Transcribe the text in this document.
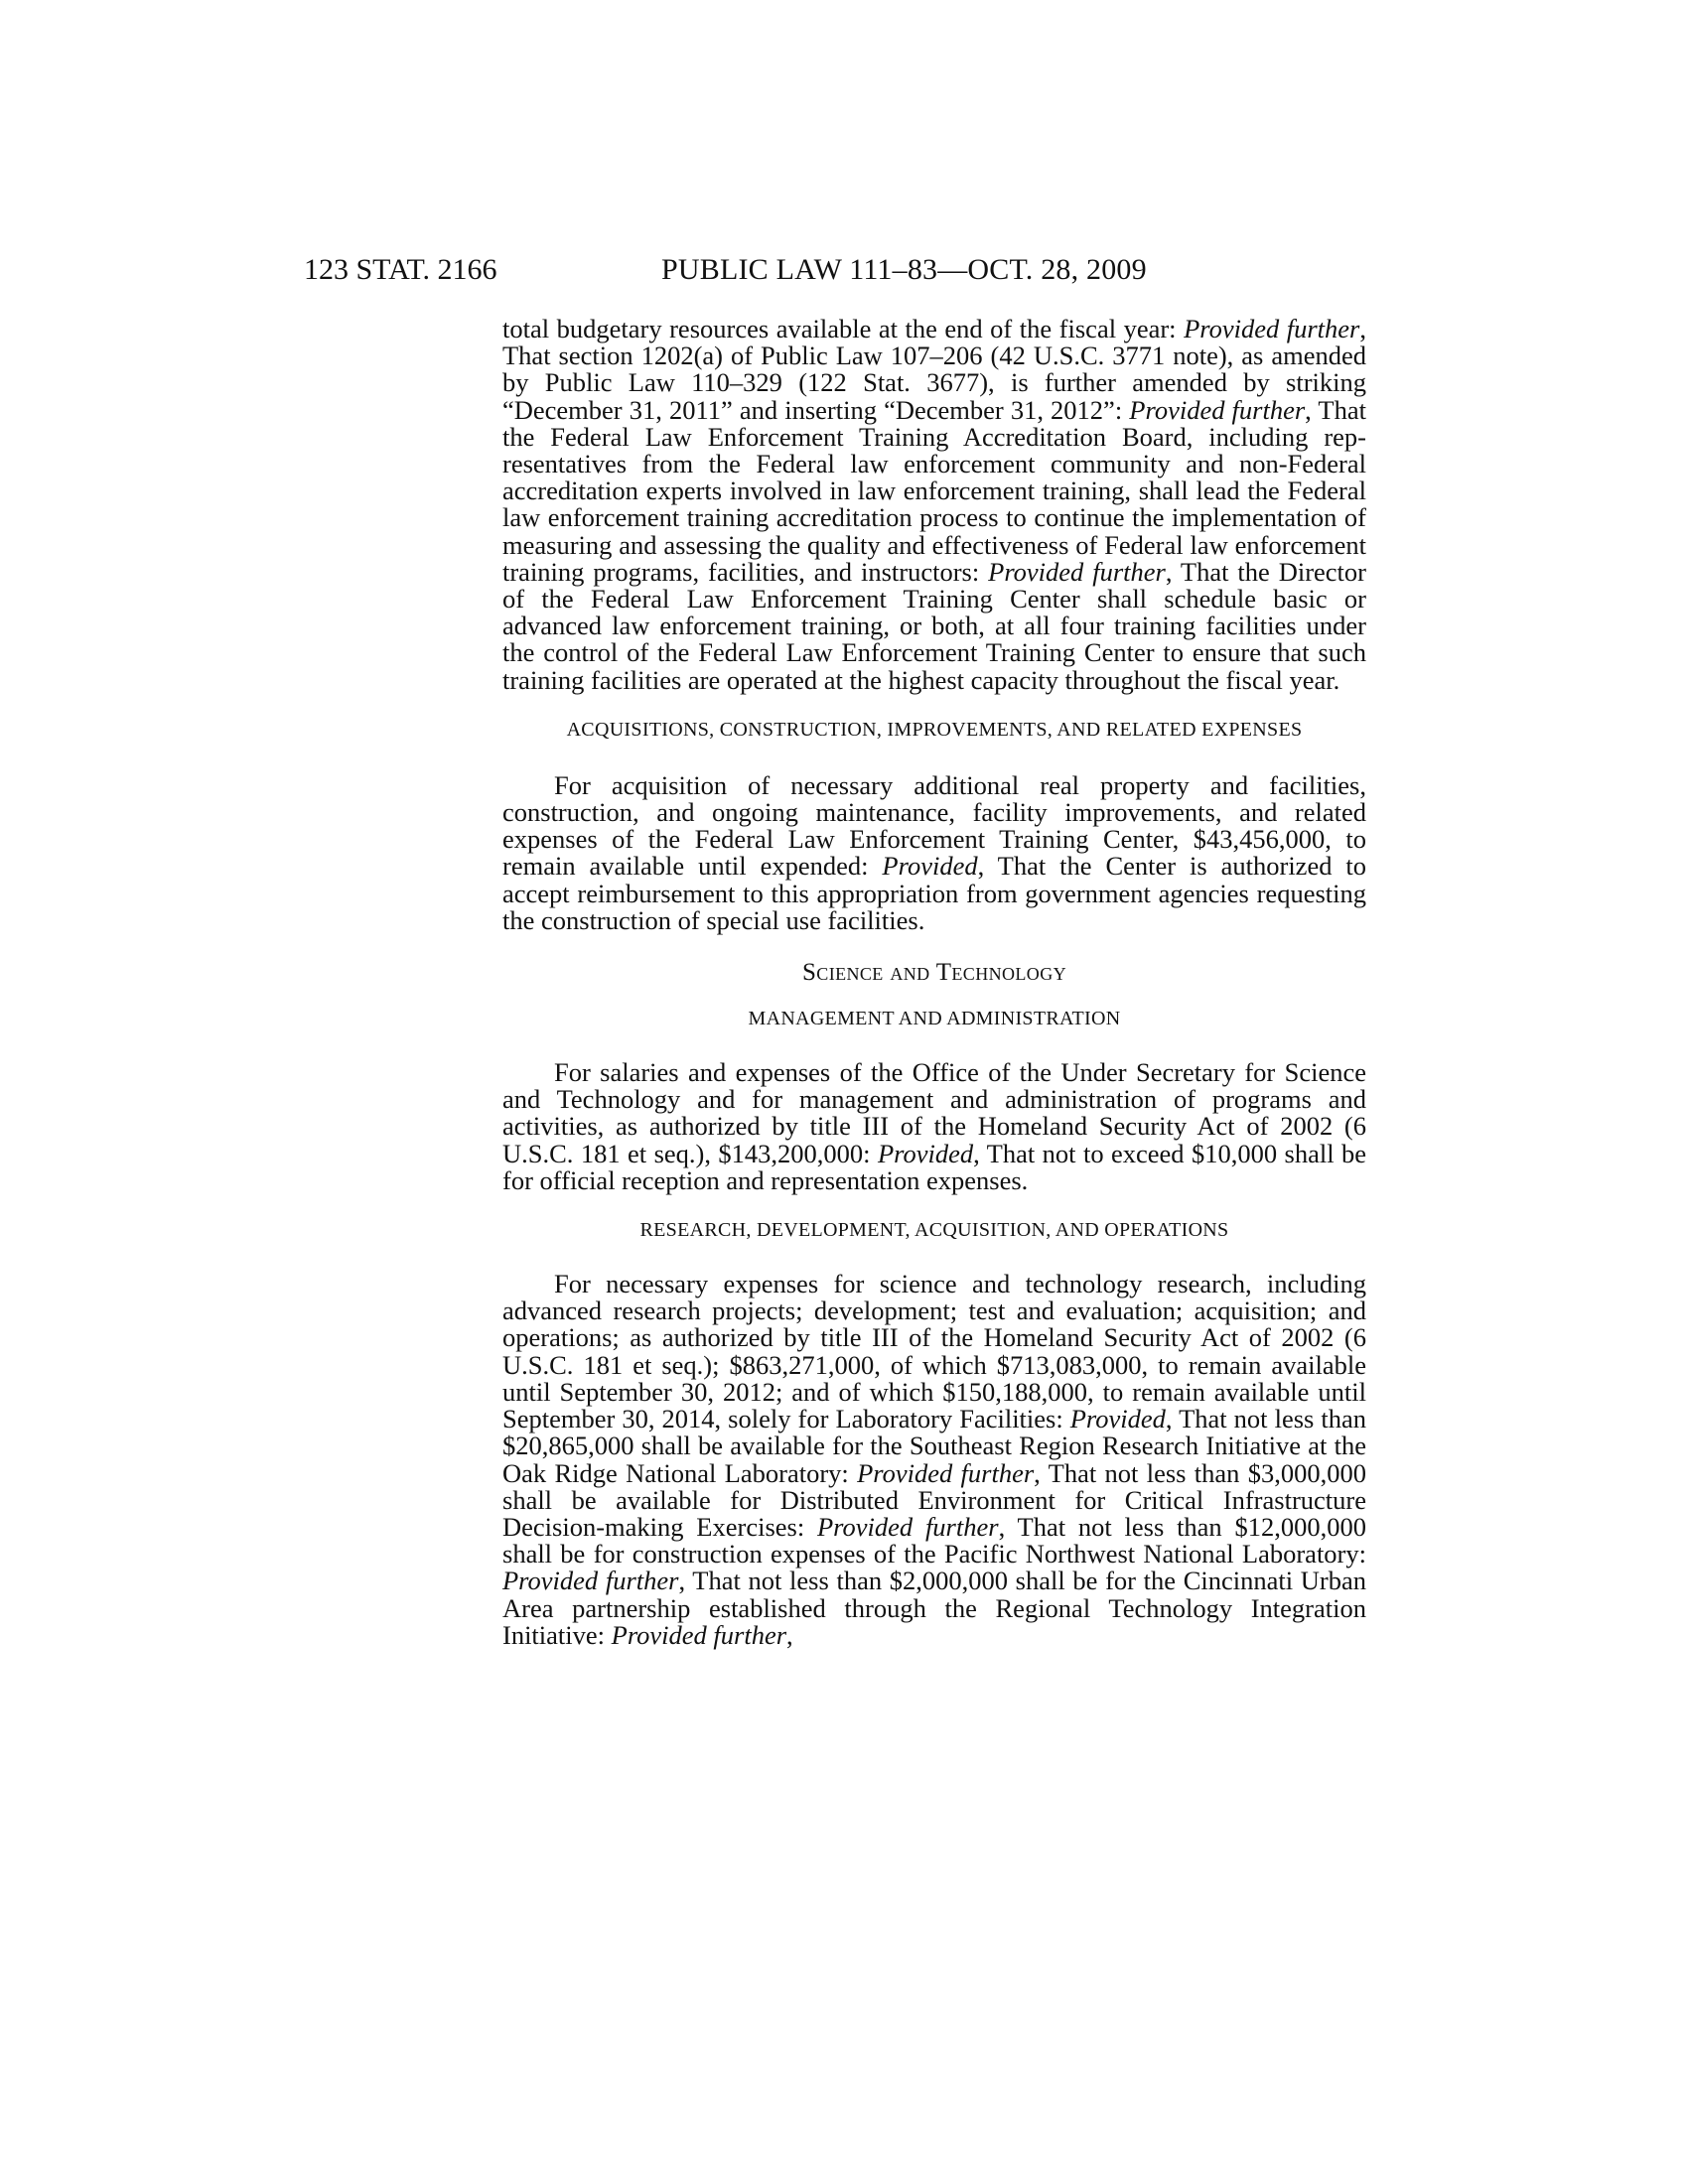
123 STAT. 2166	PUBLIC LAW 111–83—OCT. 28, 2009

total budgetary resources available at the end of the fiscal year: Provided further, That section 1202(a) of Public Law 107–206 (42 U.S.C. 3771 note), as amended by Public Law 110–329 (122 Stat. 3677), is further amended by striking “December 31, 2011” and inserting “December 31, 2012”: Provided further, That the Federal Law Enforcement Training Accreditation Board, including representatives from the Federal law enforcement community and non-Federal accreditation experts involved in law enforcement training, shall lead the Federal law enforcement training accreditation process to continue the implementation of measuring and assessing the quality and effectiveness of Federal law enforcement training programs, facilities, and instructors: Provided further, That the Director of the Federal Law Enforcement Training Center shall schedule basic or advanced law enforcement training, or both, at all four training facilities under the control of the Federal Law Enforcement Training Center to ensure that such training facilities are operated at the highest capacity throughout the fiscal year.

ACQUISITIONS, CONSTRUCTION, IMPROVEMENTS, AND RELATED EXPENSES

For acquisition of necessary additional real property and facilities, construction, and ongoing maintenance, facility improvements, and related expenses of the Federal Law Enforcement Training Center, $43,456,000, to remain available until expended: Provided, That the Center is authorized to accept reimbursement to this appropriation from government agencies requesting the construction of special use facilities.

Science and Technology

MANAGEMENT AND ADMINISTRATION

For salaries and expenses of the Office of the Under Secretary for Science and Technology and for management and administration of programs and activities, as authorized by title III of the Homeland Security Act of 2002 (6 U.S.C. 181 et seq.), $143,200,000: Provided, That not to exceed $10,000 shall be for official reception and representation expenses.

RESEARCH, DEVELOPMENT, ACQUISITION, AND OPERATIONS

For necessary expenses for science and technology research, including advanced research projects; development; test and evaluation; acquisition; and operations; as authorized by title III of the Homeland Security Act of 2002 (6 U.S.C. 181 et seq.); $863,271,000, of which $713,083,000, to remain available until September 30, 2012; and of which $150,188,000, to remain available until September 30, 2014, solely for Laboratory Facilities: Provided, That not less than $20,865,000 shall be available for the Southeast Region Research Initiative at the Oak Ridge National Laboratory: Provided further, That not less than $3,000,000 shall be available for Distributed Environment for Critical Infrastructure Decision-making Exercises: Provided further, That not less than $12,000,000 shall be for construction expenses of the Pacific Northwest National Laboratory: Provided further, That not less than $2,000,000 shall be for the Cincinnati Urban Area partnership established through the Regional Technology Integration Initiative: Provided further,
